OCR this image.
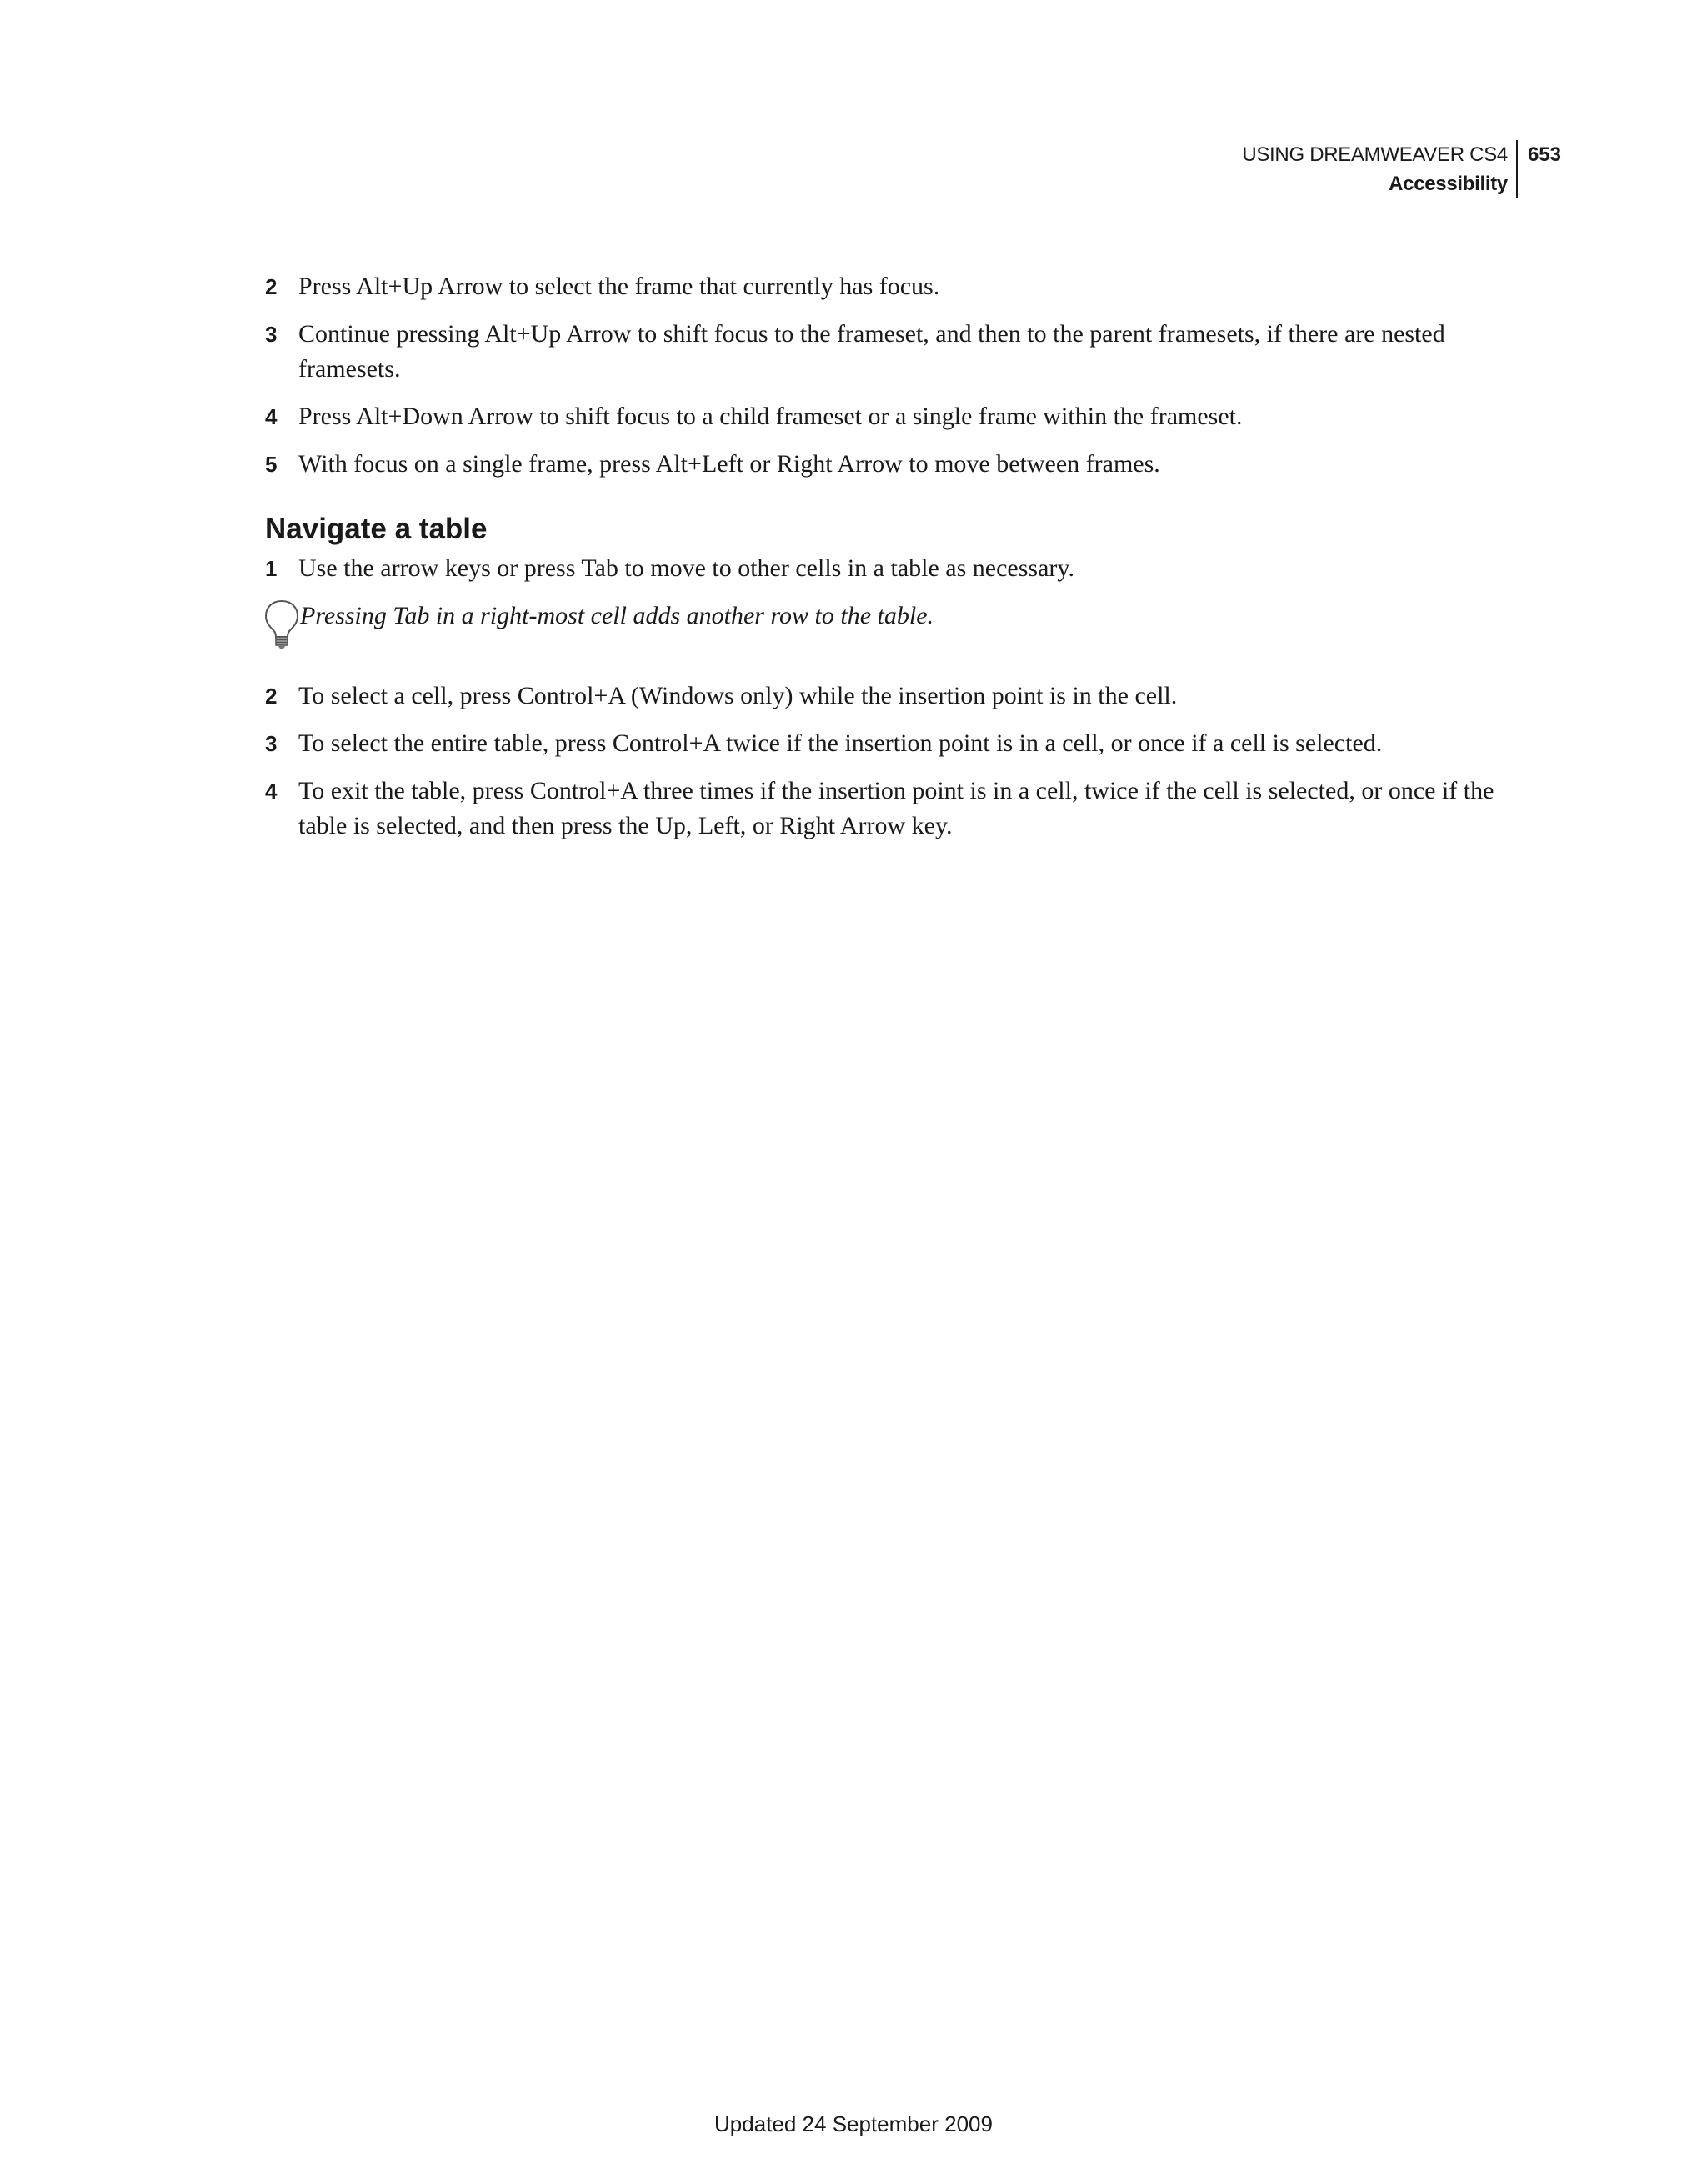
USING DREAMWEAVER CS4
Accessibility
653
2 Press Alt+Up Arrow to select the frame that currently has focus.
3 Continue pressing Alt+Up Arrow to shift focus to the frameset, and then to the parent framesets, if there are nested framesets.
4 Press Alt+Down Arrow to shift focus to a child frameset or a single frame within the frameset.
5 With focus on a single frame, press Alt+Left or Right Arrow to move between frames.
Navigate a table
1 Use the arrow keys or press Tab to move to other cells in a table as necessary.
Pressing Tab in a right-most cell adds another row to the table.
2 To select a cell, press Control+A (Windows only) while the insertion point is in the cell.
3 To select the entire table, press Control+A twice if the insertion point is in a cell, or once if a cell is selected.
4 To exit the table, press Control+A three times if the insertion point is in a cell, twice if the cell is selected, or once if the table is selected, and then press the Up, Left, or Right Arrow key.
Updated 24 September 2009
